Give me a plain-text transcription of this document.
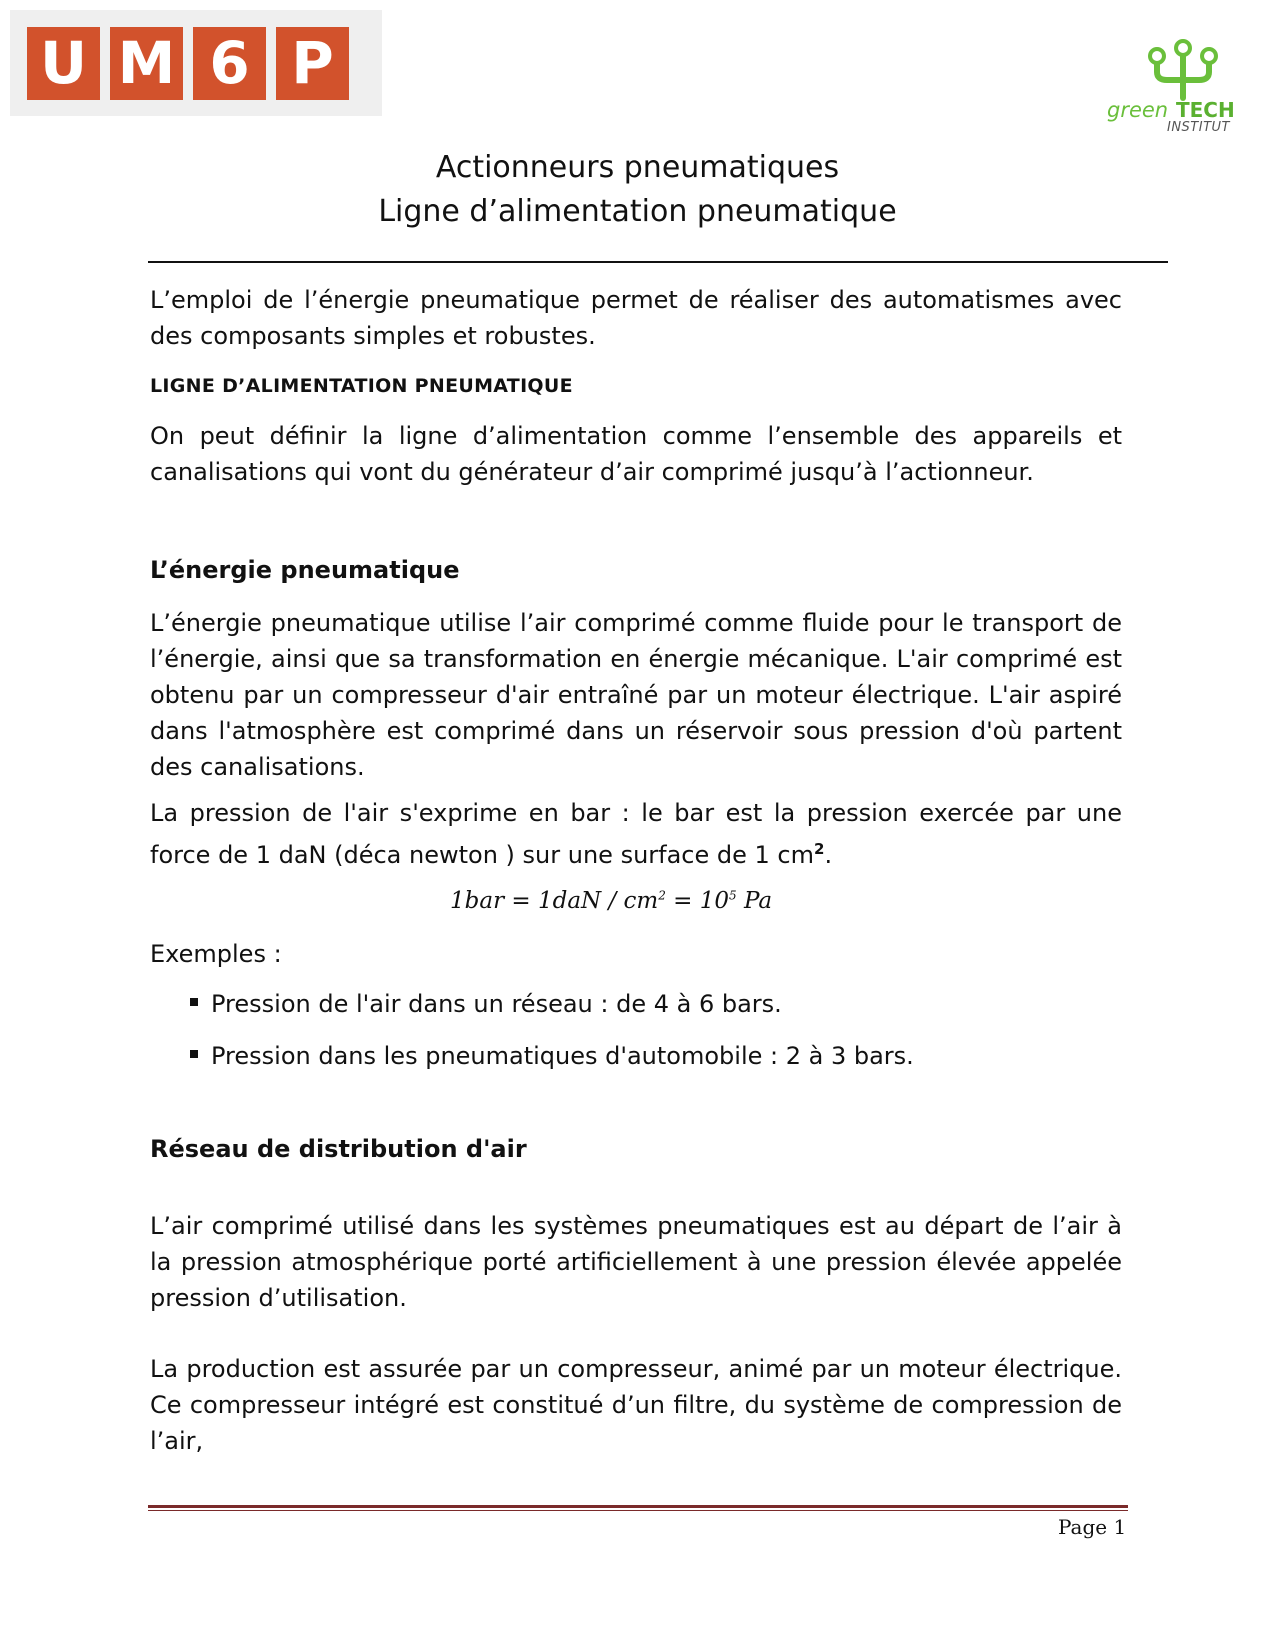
U M 6 P
green TECH
INSTITUT
Actionneurs pneumatiques
Ligne d’alimentation pneumatique
L’emploi de l’énergie pneumatique permet de réaliser des automatismes avec des composants simples et robustes.
LIGNE D’ALIMENTATION PNEUMATIQUE
On peut définir la ligne d’alimentation comme l’ensemble des appareils et canalisations qui vont du générateur d’air comprimé jusqu’à l’actionneur.
L’énergie pneumatique
L’énergie pneumatique utilise l’air comprimé comme fluide pour le transport de l’énergie, ainsi que sa transformation en énergie mécanique. L'air comprimé est obtenu par un compresseur d'air entraîné par un moteur électrique. L'air aspiré dans l'atmosphère est comprimé dans un réservoir sous pression d'où partent des canalisations.
La pression de l'air s'exprime en bar : le bar est la pression exercée par une force de 1 daN (déca newton ) sur une surface de 1 $cm^2$.
$1bar = 1daN / cm^2 = 10^5$ Pa
Exemples :
Pression de l'air dans un réseau : de 4 à 6 bars.
Pression dans les pneumatiques d'automobile : 2 à 3 bars.
Réseau de distribution d'air
L’air comprimé utilisé dans les systèmes pneumatiques est au départ de l’air à la pression atmosphérique porté artificiellement à une pression élevée appelée pression d’utilisation.
La production est assurée par un compresseur, animé par un moteur électrique. Ce compresseur intégré est constitué d’un filtre, du système de compression de l’air,
Page 1
